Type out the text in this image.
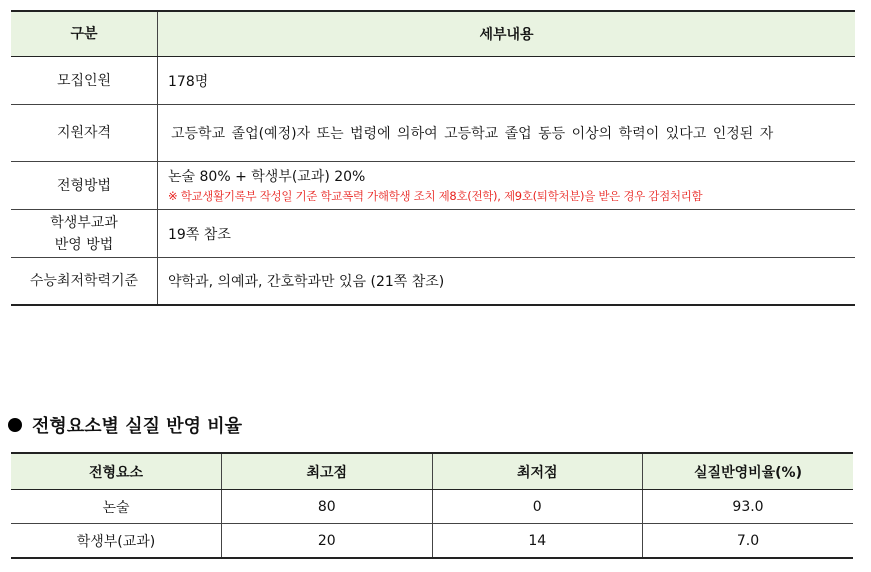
구분	세부내용
모집인원	178명
지원자격	고등학교 졸업(예정)자 또는 법령에 의하여 고등학교 졸업 동등 이상의 학력이 있다고 인정된 자

전형방법	논술 80% + 학생부(교과) 20%
※ 학교생활기록부 작성일 기준 학교폭력 가해학생 조치 제8호(전학), 제9호(퇴학처분)을 받은 경우 감점처리함

학생부교과
반영 방법	19쪽 참조
수능최저학력기준	약학과, 의예과, 간호학과만 있음 (21쪽 참조)
전형요소별 실질 반영 비율
전형요소	최고점	최저점	실질반영비율(%)
논술	80	0	93.0
학생부(교과)	20	14	7.0
